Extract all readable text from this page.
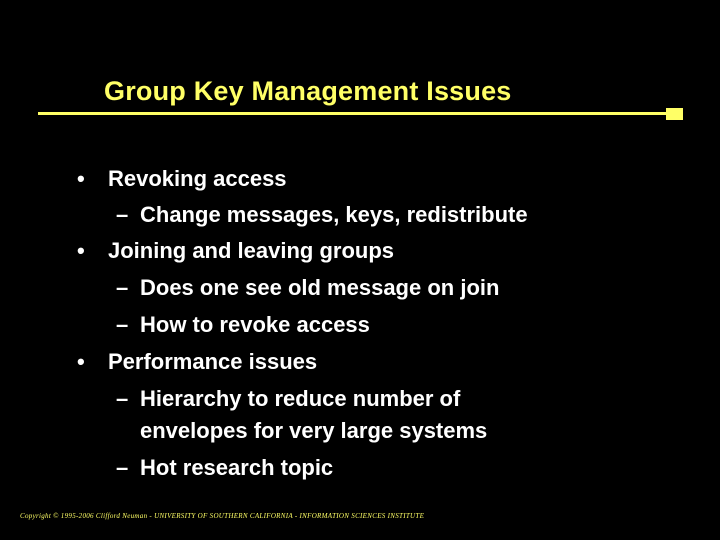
Group Key Management Issues
• Revoking access
– Change messages, keys, redistribute
• Joining and leaving groups
– Does one see old message on join
– How to revoke access
• Performance issues
– Hierarchy to reduce number of
envelopes for very large systems
– Hot research topic
Copyright © 1995-2006 Clifford Neuman - UNIVERSITY OF SOUTHERN CALIFORNIA - INFORMATION SCIENCES INSTITUTE
